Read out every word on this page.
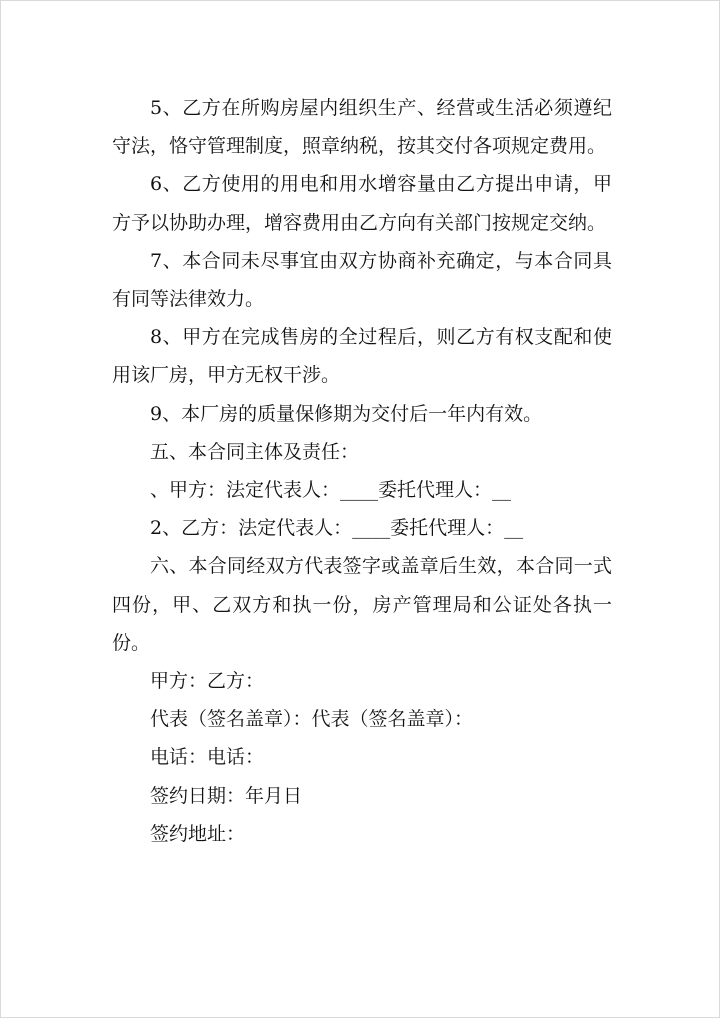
5、乙方在所购房屋内组织生产、经营或生活必须遵纪守法，恪守管理制度，照章纳税，按其交付各项规定费用。

6、乙方使用的用电和用水增容量由乙方提出申请，甲方予以协助办理，增容费用由乙方向有关部门按规定交纳。

7、本合同未尽事宜由双方协商补充确定，与本合同具有同等法律效力。

8、甲方在完成售房的全过程后，则乙方有权支配和使用该厂房，甲方无权干涉。

9、本厂房的质量保修期为交付后一年内有效。

五、本合同主体及责任：

、甲方：法定代表人：____委托代理人：__

2、乙方：法定代表人：____委托代理人：__

六、本合同经双方代表签字或盖章后生效，本合同一式四份，甲、乙双方和执一份，房产管理局和公证处各执一份。

甲方：乙方：

代表（签名盖章）：代表（签名盖章）：

电话：电话：

签约日期：年月日

签约地址：
